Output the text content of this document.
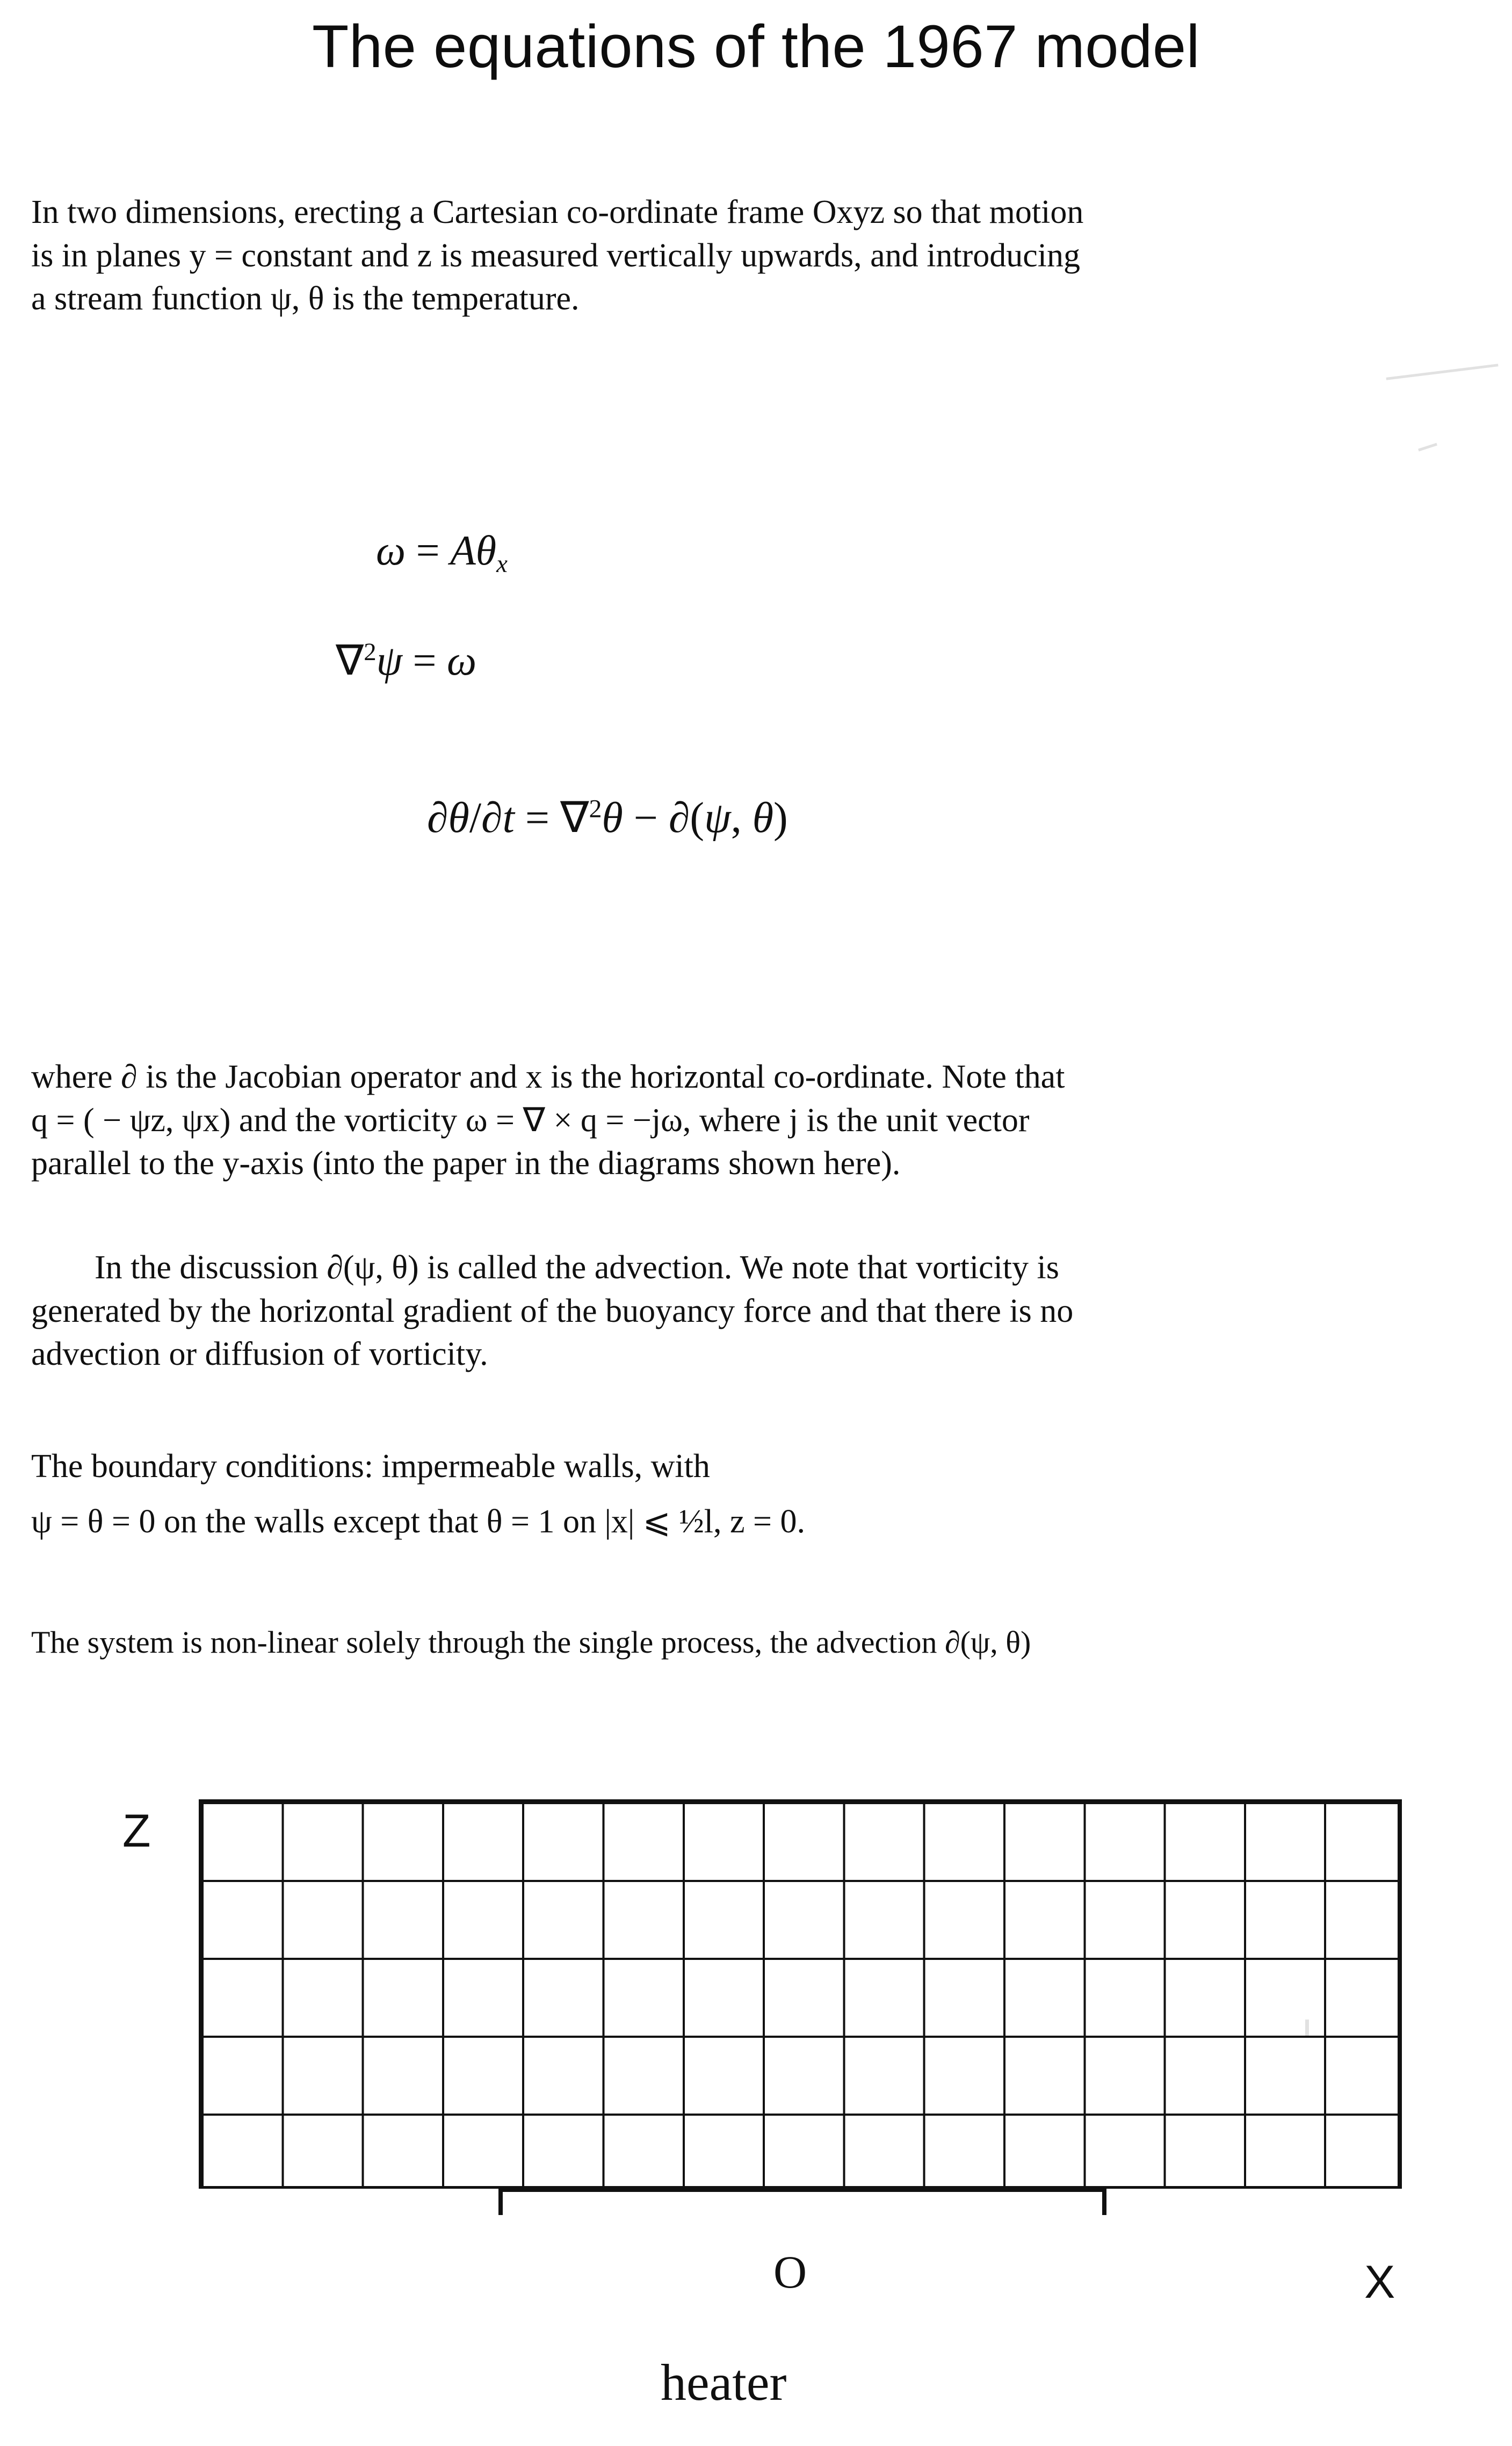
The equations of the 1967 model
In two dimensions, erecting a Cartesian co-ordinate frame Oxyz so that motion
is in planes y = constant and z is measured vertically upwards, and introducing
a stream function ψ, θ is the temperature.
$\omega = A\theta_x$
∇$^2$ψ = ω
∂θ/∂t = ∇$^2$θ − ∂(ψ, θ)
where ∂ is the Jacobian operator and x is the horizontal co-ordinate. Note that
q = ( − ψz, ψx) and the vorticity ω = ∇ × q = −jω, where j is the unit vector
parallel to the y-axis (into the paper in the diagrams shown here).
In the discussion ∂(ψ, θ) is called the advection. We note that vorticity is
generated by the horizontal gradient of the buoyancy force and that there is no
advection or diffusion of vorticity.
The boundary conditions: impermeable walls, with
ψ = θ = 0 on the walls except that θ = 1 on |x| ⩽ ½l, z = 0.
The system is non-linear solely through the single process, the advection ∂(ψ, θ)
Z
O	X
heater
